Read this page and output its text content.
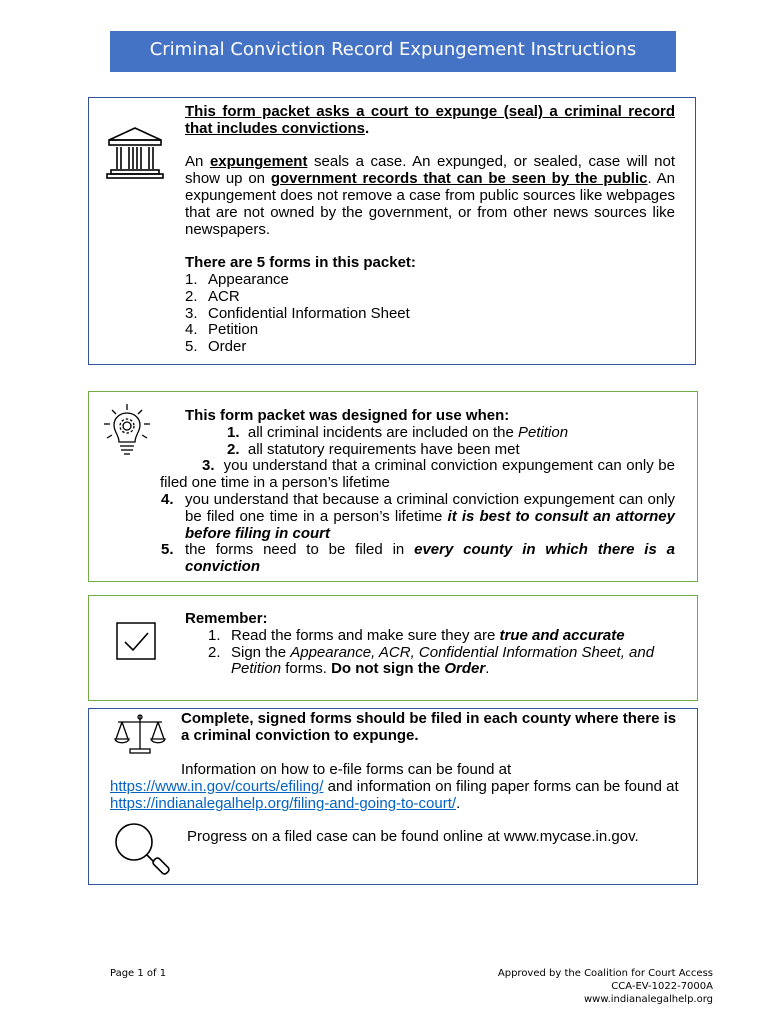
Criminal Conviction Record Expungement Instructions

This form packet asks a court to expunge (seal) a criminal record that includes convictions.

An expungement seals a case. An expunged, or sealed, case will not show up on government records that can be seen by the public. An expungement does not remove a case from public sources like webpages that are not owned by the government, or from other news sources like newspapers.

There are 5 forms in this packet:

1. Appearance
2. ACR
3. Confidential Information Sheet
4. Petition
5. Order

This form packet was designed for use when:

1. all criminal incidents are included on the Petition

2. all statutory requirements have been met

3. you understand that a criminal conviction expungement can only be filed one time in a person’s lifetime

4. you understand that because a criminal conviction expungement can only be filed one time in a person’s lifetime it is best to consult an attorney before filing in court

5. the forms need to be filed in every county in which there is a conviction

Remember:

1. Read the forms and make sure they are true and accurate
2. Sign the Appearance, ACR, Confidential Information Sheet, and Petition forms. Do not sign the Order.

Complete, signed forms should be filed in each county where there is a criminal conviction to expunge.

Information on how to e-file forms can be found at https://www.in.gov/courts/efiling/ and information on filing paper forms can be found at https://indianalegalhelp.org/filing-and-going-to-court/.

Progress on a filed case can be found online at www.mycase.in.gov.

Page 1 of 1	Approved by the Coalition for Court Access
CCA-EV-1022-7000A
www.indianalegalhelp.org
